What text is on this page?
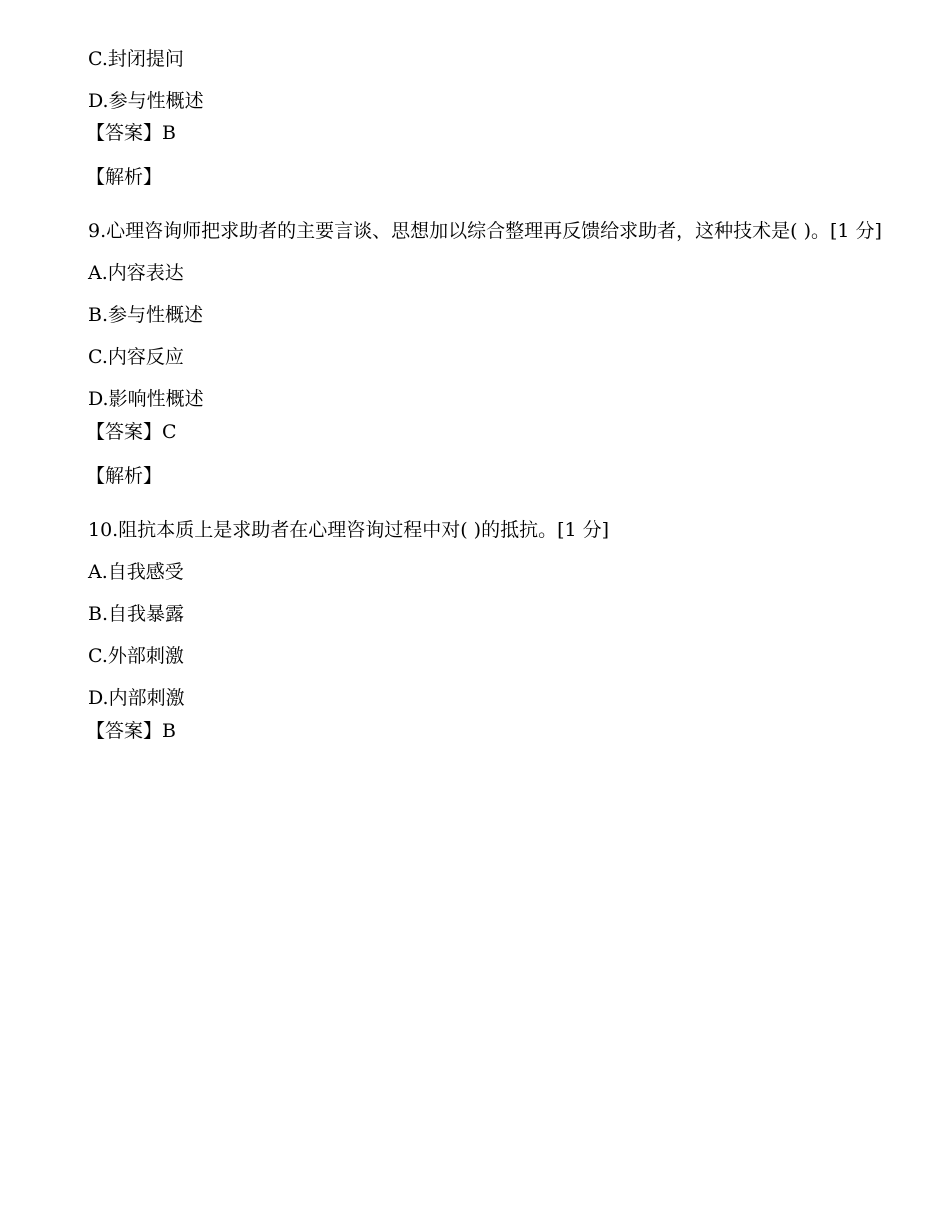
C.封闭提问
D.参与性概述
【答案】B
【解析】
9.心理咨询师把求助者的主要言谈、思想加以综合整理再反馈给求助者，这种技术是( )。[1 分]
A.内容表达
B.参与性概述
C.内容反应
D.影响性概述
【答案】C
【解析】
10.阻抗本质上是求助者在心理咨询过程中对( )的抵抗。[1 分]
A.自我感受
B.自我暴露
C.外部刺激
D.内部刺激
【答案】B
